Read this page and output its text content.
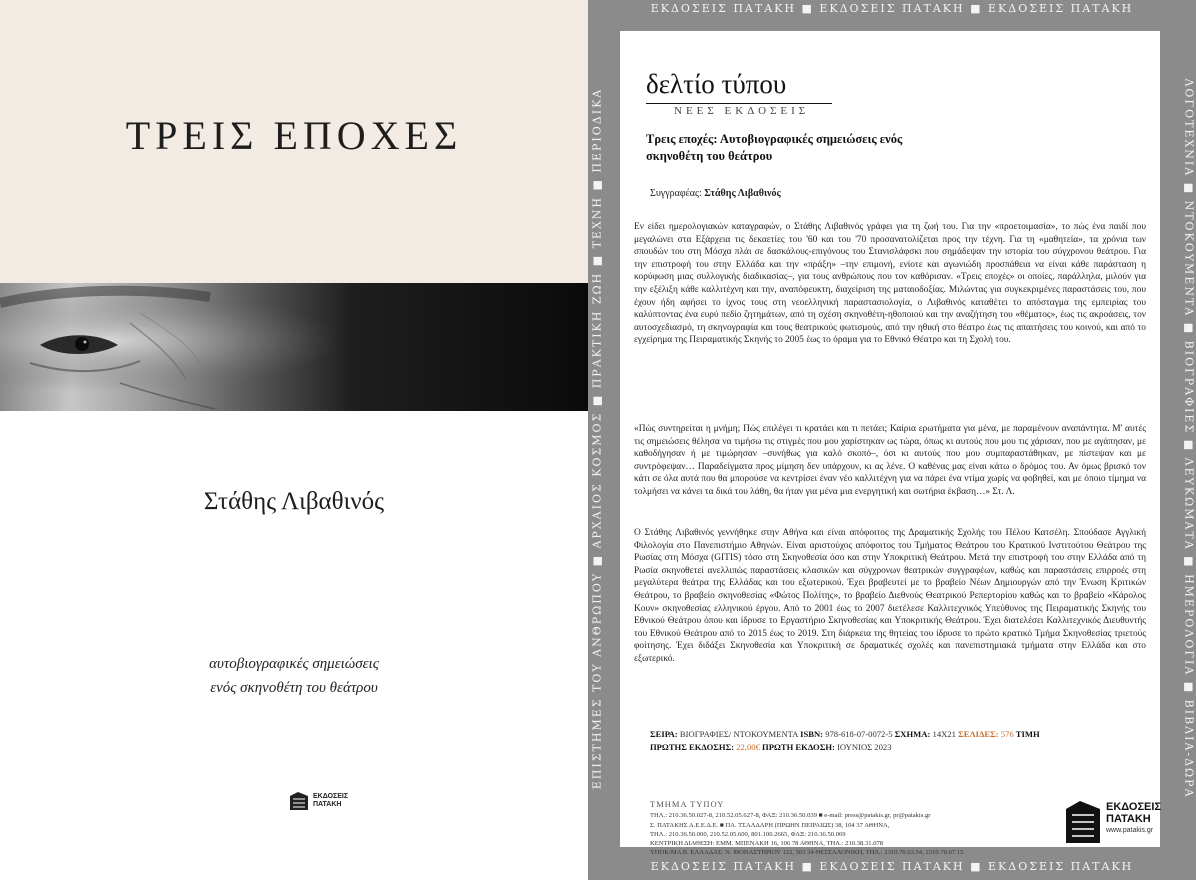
ΤΡΕΙΣ ΕΠΟΧΕΣ
Στάθης Λιβαθινός
αυτοβιογραφικές σημειώσεις
ενός σκηνοθέτη του θεάτρου
ΕΚΔΟΣΕΙΣ
ΠΑΤΑΚΗ
ΕΚΔΟΣΕΙΣ ΠΑΤΑΚΗ ■ ΕΚΔΟΣΕΙΣ ΠΑΤΑΚΗ ■ ΕΚΔΟΣΕΙΣ ΠΑΤΑΚΗ
ΕΚΔΟΣΕΙΣ ΠΑΤΑΚΗ ■ ΕΚΔΟΣΕΙΣ ΠΑΤΑΚΗ ■ ΕΚΔΟΣΕΙΣ ΠΑΤΑΚΗ
ΕΠΙΣΤΗΜΕΣ ΤΟΥ ΑΝΘΡΩΠΟΥ ■ ΑΡΧΑΙΟΣ ΚΟΣΜΟΣ ■ ΠΡΑΚΤΙΚΗ ΖΩΗ ■ ΤΕΧΝΗ ■ ΠΕΡΙΟΔΙΚΑ	ΛΟΓΟΤΕΧΝΙΑ ■ ΝΤΟΚΟΥΜΕΝΤΑ ■ ΒΙΟΓΡΑΦΙΕΣ ■ ΛΕΥΚΩΜΑΤΑ ■ ΗΜΕΡΟΛΟΓΙΑ ■ ΒΙΒΛΙΑ-ΔΩΡΑ
δελτίο τύπου
ΝΕΕΣ ΕΚΔΟΣΕΙΣ
Τρεις εποχές: Αυτοβιογραφικές σημειώσεις ενός σκηνοθέτη του θεάτρου
Συγγραφέας: Στάθης Λιβαθινός
Εν είδει ημερολογιακών καταγραφών, ο Στάθης Λιβαθινός γράφει για τη ζωή του. Για την «προετοιμασία», το πώς ένα παιδί που μεγαλώνει στα Εξάρχεια τις δεκαετίες του '60 και του '70 προσανατολίζεται προς την τέχνη. Για τη «μαθητεία», τα χρόνια των σπουδών του στη Μόσχα πλάι σε δασκάλους-επιγόνους του Στανισλάφσκι που σημάδεψαν την ιστορία του σύγχρονου θεάτρου. Για την επιστροφή του στην Ελλάδα και την «πράξη» –την επιμονή, ενίοτε και αγωνιώδη προσπάθεια να είναι κάθε παράσταση η κορύφωση μιας συλλογικής διαδικασίας–, για τους ανθρώπους που τον καθόρισαν. «Τρεις εποχές» οι οποίες, παράλληλα, μιλούν για την εξέλιξη κάθε καλλιτέχνη και την, αναπόφευκτη, διαχείριση της ματαιοδοξίας. Μιλώντας για συγκεκριμένες παραστάσεις του, που έχουν ήδη αφήσει το ίχνος τους στη νεοελληνική παραστασιολογία, ο Λιβαθινός καταθέτει το απόσταγμα της εμπειρίας του καλύπτοντας ένα ευρύ πεδίο ζητημάτων, από τη σχέση σκηνοθέτη-ηθοποιού και την αναζήτηση του «θέματος», έως τις ακροάσεις, τον αυτοσχεδιασμό, τη σκηνογραφία και τους θεατρικούς φωτισμούς, από την ηθική στο θέατρο έως τις απαιτήσεις του κοινού, και από το εγχείρημα της Πειραματικής Σκηνής το 2005 έως το όραμα για το Εθνικό Θέατρο και τη Σχολή του.
«Πώς συντηρείται η μνήμη; Πώς επιλέγει τι κρατάει και τι πετάει; Καίρια ερωτήματα για μένα, με παραμένουν αναπάντητα. Μ' αυτές τις σημειώσεις θέλησα να τιμήσω τις στιγμές που μου χαρίστηκαν ως τώρα, όπως κι αυτούς που μου τις χάρισαν, που με αγάπησαν, με καθοδήγησαν ή με τιμώρησαν –συνήθως για καλό σκοπό–, όσι κι αυτούς που μου συμπαραστάθηκαν, με πίστεψαν και με συντρόφεψαν… Παραδείγματα προς μίμηση δεν υπάρχουν, κι ας λένε. Ο καθένας μας είναι κάτω ο δρόμος του. Αν όμως βρισκό τον κάτι σε όλα αυτά που θα μπορούσε να κεντρίσει έναν νέο καλλιτέχνη για να πάρει ένα ντίμα χωρίς να φοβηθεί, και με όποιο τίμημα να τολμήσει να κάνει τα δικά του λάθη, θα ήταν για μένα μια ενεργητική και σωτήρια έκβαση…» Στ. Λ.
Ο Στάθης Λιβαθινός γεννήθηκε στην Αθήνα και είναι απόφοιτος της Δραματικής Σχολής του Πέλου Κατσέλη. Σπούδασε Αγγλική Φιλολογία στο Πανεπιστήμιο Αθηνών. Είναι αριστούχος απόφοιτος του Τμήματος Θεάτρου του Κρατικού Ινστιτούτου Θεάτρου της Ρωσίας στη Μόσχα (GITIS) τόσο στη Σκηνοθεσία όσο και στην Υποκριτική Θεάτρου. Μετά την επιστροφή του στην Ελλάδα από τη Ρωσία σκηνοθετεί ανελλιπώς παραστάσεις κλασικών και σύγχρονων θεατρικών συγγραφέων, καθώς και παραστάσεις επιρροές στη μεγαλύτερα θεάτρα της Ελλάδας και του εξωτερικού. Έχει βραβευτεί με το βραβείο Νέων Δημιουργών από την Ένωση Κριτικών Θεάτρου, το βραβείο σκηνοθεσίας «Φώτος Πολίτης», το βραβείο Διεθνούς Θεατρικού Ρεπερτορίου καθώς και το βραβείο «Κάρολος Κουν» σκηνοθεσίας ελληνικού έργου. Από το 2001 έως το 2007 διετέλεσε Καλλιτεχνικός Υπεύθυνος της Πειραματικής Σκηνής του Εθνικού Θεάτρου όπου και ίδρυσε το Εργαστήριο Σκηνοθεσίας και Υποκριτικής Θεάτρου. Έχει διατελέσει Καλλιτεχνικός Διευθυντής του Εθνικού Θεάτρου από το 2015 έως το 2019. Στη διάρκεια της θητείας του ίδρυσε το πρώτο κρατικό Τμήμα Σκηνοθεσίας τριετούς φοίτησης. Έχει διδάξει Σκηνοθεσία και Υποκριτική σε δραματικές σχολές και πανεπιστημιακά τμήματα στην Ελλάδα και στο εξωτερικό.
ΣΕΙΡΑ: ΒΙΟΓΡΑΦΙΕΣ/ ΝΤΟΚΟΥΜΕΝΤΑ ISBN: 978-618-07-0072-5 ΣΧΗΜΑ: 14Χ21 ΣΕΛΙΔΕΣ: 576 ΤΙΜΗ
ΠΡΩΤΗΣ ΕΚΔΟΣΗΣ: 22,00€ ΠΡΩΤΗ ΕΚΔΟΣΗ: ΙΟΥΝΙΟΣ 2023
ΤΜΗΜΑ ΤΥΠΟΥ
ΤΗΛ.: 210.36.50.027-8, 210.52.05.627-8, ΦΑΞ: 210.36.50.039 ■ e-mail: press@patakis.gr, pr@patakis.gr
Σ. ΠΑΤΑΚΗΣ Α.Ε.Ε.Δ.Ε. ■ ΠΑ. ΤΣΑΛΔΑΡΗ (ΠΡΩΗΝ ΠΕΙΡΑΙΩΣ) 38, 104 37 ΑΘΗΝΑ,
ΤΗΛ.: 210.36.50.000, 210.52.05.600, 801.100.2665, ΦΑΞ: 210.36.50.069
ΚΕΝΤΡΙΚΗ ΔΙΑΘΕΣΗ: ΕΜΜ. ΜΠΕΝΑΚΗ 16, 106 78 ΑΘΗΝΑ, ΤΗΛ.: 210.38.31.078
ΥΠΟΚ/ΜΑ Β. ΕΛΛΑΔΑΣ: Ν. ΜΟΝΑΣΤΗΡΙΟΥ 122, 563 34 ΘΕΣΣΑΛΟΝΙΚΗ, ΤΗΛ.: 2310.70.63.54, 2310.70.67.15
ΕΚΔΟΣΕΙΣ
ΠΑΤΑΚΗ
www.patakis.gr
